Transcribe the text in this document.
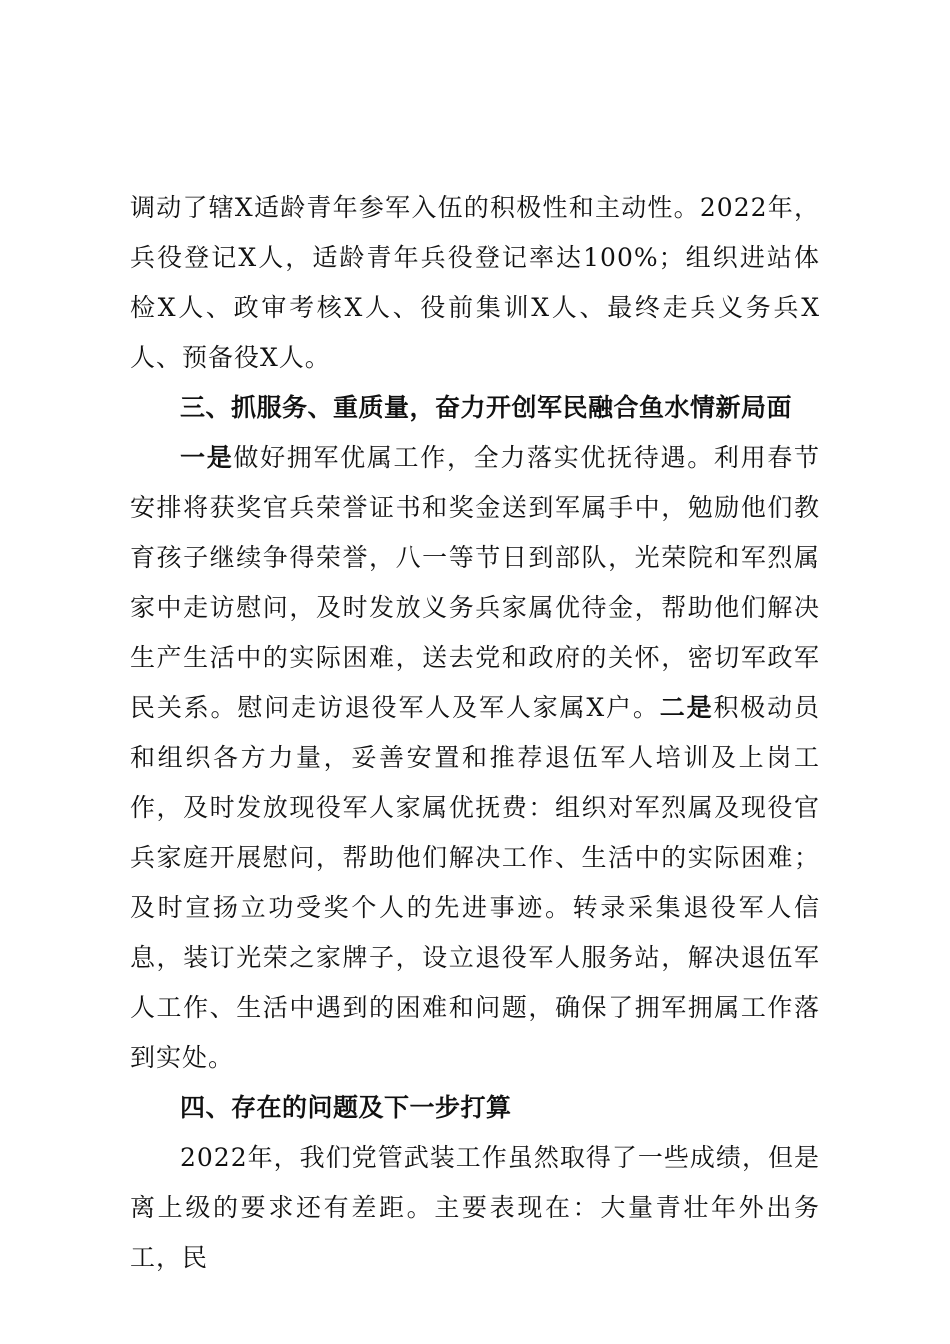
调动了辖X适龄青年参军入伍的积极性和主动性。2022年，兵役登记X人，适龄青年兵役登记率达100%；组织进站体检X人、政审考核X人、役前集训X人、最终走兵义务兵X人、预备役X人。

三、抓服务、重质量，奋力开创军民融合鱼水情新局面

一是做好拥军优属工作，全力落实优抚待遇。利用春节安排将获奖官兵荣誉证书和奖金送到军属手中，勉励他们教育孩子继续争得荣誉，八一等节日到部队，光荣院和军烈属家中走访慰问，及时发放义务兵家属优待金，帮助他们解决生产生活中的实际困难，送去党和政府的关怀，密切军政军民关系。慰问走访退役军人及军人家属X户。二是积极动员和组织各方力量，妥善安置和推荐退伍军人培训及上岗工作，及时发放现役军人家属优抚费：组织对军烈属及现役官兵家庭开展慰问，帮助他们解决工作、生活中的实际困难；及时宣扬立功受奖个人的先进事迹。转录采集退役军人信息，装订光荣之家牌子，设立退役军人服务站，解决退伍军人工作、生活中遇到的困难和问题，确保了拥军拥属工作落到实处。

四、存在的问题及下一步打算

2022年，我们党管武装工作虽然取得了一些成绩，但是离上级的要求还有差距。主要表现在：大量青壮年外出务工，民
